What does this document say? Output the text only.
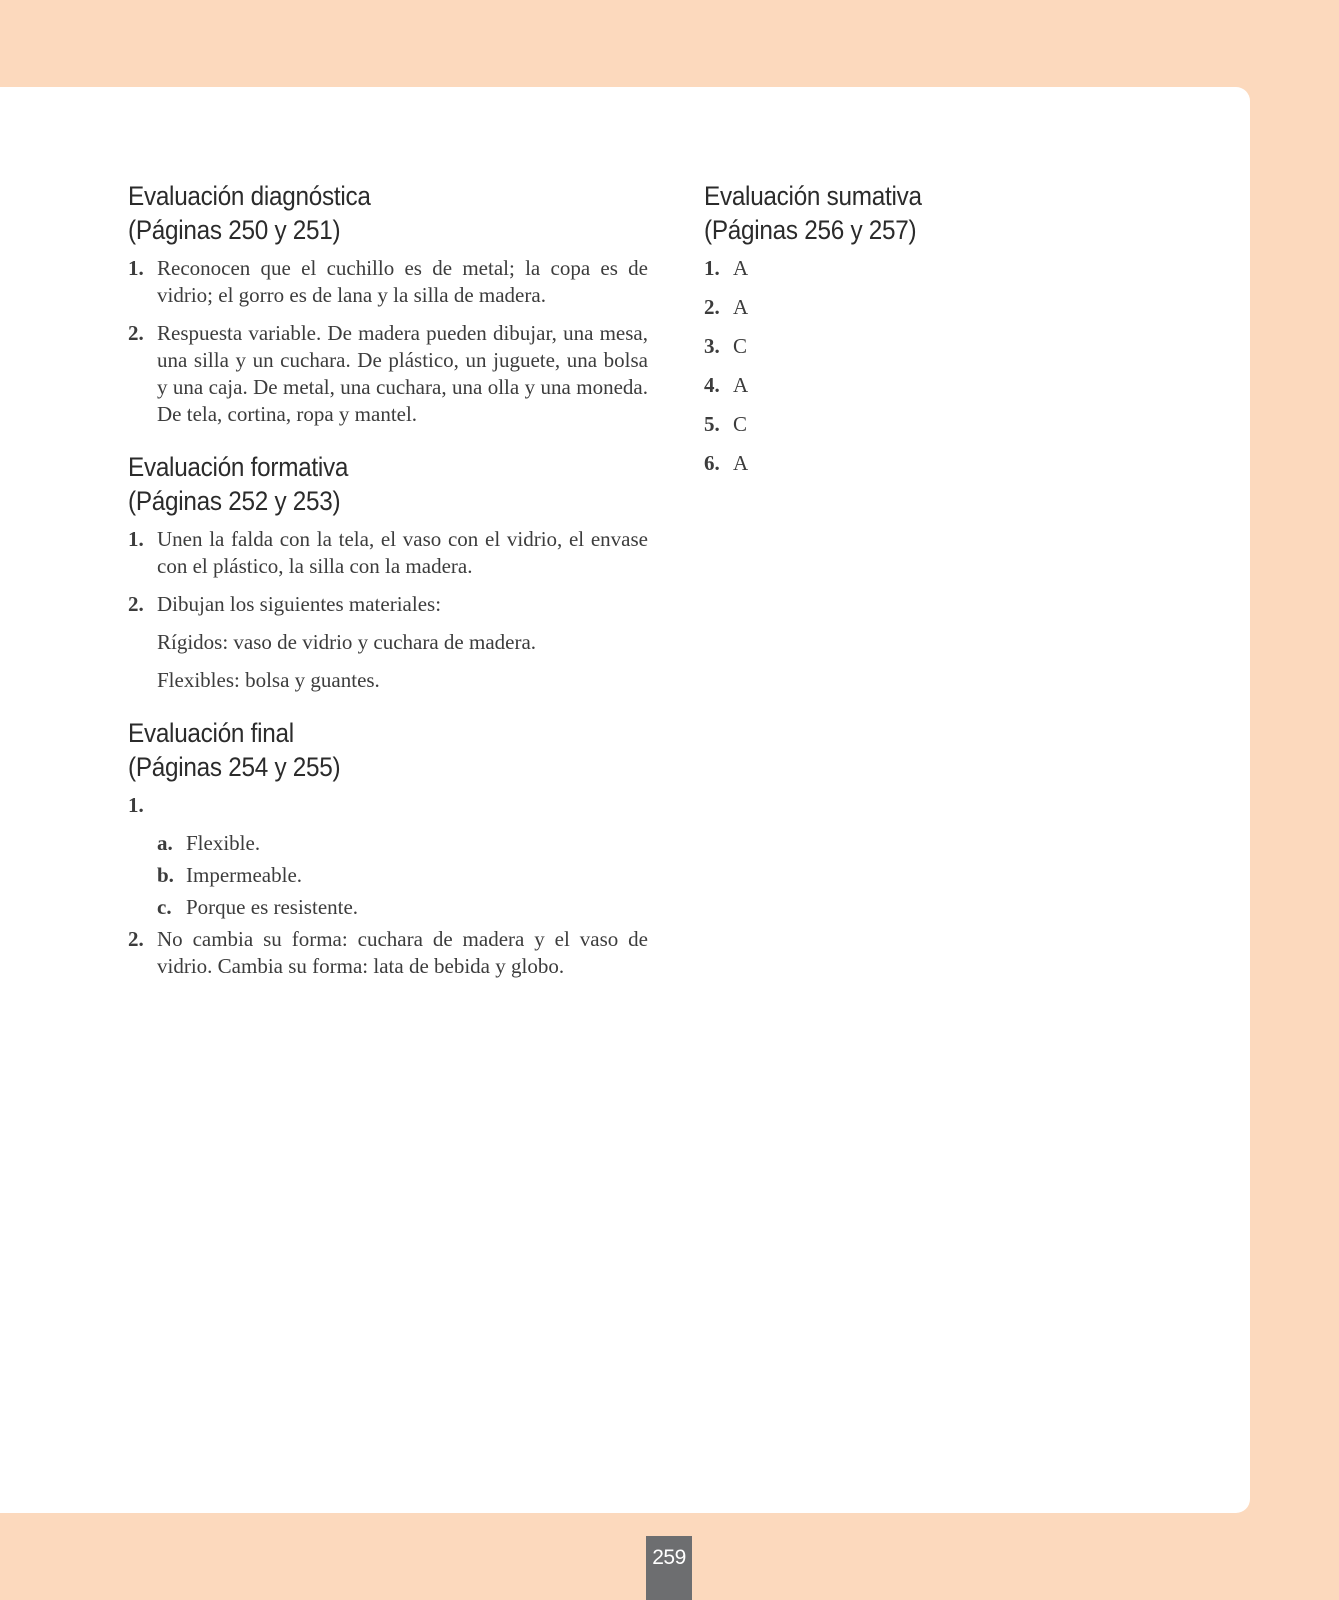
Evaluación diagnóstica
(Páginas 250 y 251)
1. Reconocen que el cuchillo es de metal; la copa es de vidrio; el gorro es de lana y la silla de madera.
2. Respuesta variable. De madera pueden dibujar, una mesa, una silla y un cuchara. De plástico, un juguete, una bolsa y una caja. De metal, una cuchara, una olla y una moneda. De tela, cortina, ropa y mantel.
Evaluación formativa
(Páginas 252 y 253)
1. Unen la falda con la tela, el vaso con el vidrio, el envase con el plástico, la silla con la madera.
2. Dibujan los siguientes materiales:

Rígidos: vaso de vidrio y cuchara de madera.

Flexibles: bolsa y guantes.

Evaluación final
(Páginas 254 y 255)
1.

a. Flexible.
b. Impermeable.
c. Porque es resistente.
2. No cambia su forma: cuchara de madera y el vaso de vidrio. Cambia su forma: lata de bebida y globo.
Evaluación sumativa
(Páginas 256 y 257)
1. A
2. A
3. C
4. A
5. C
6. A
259
